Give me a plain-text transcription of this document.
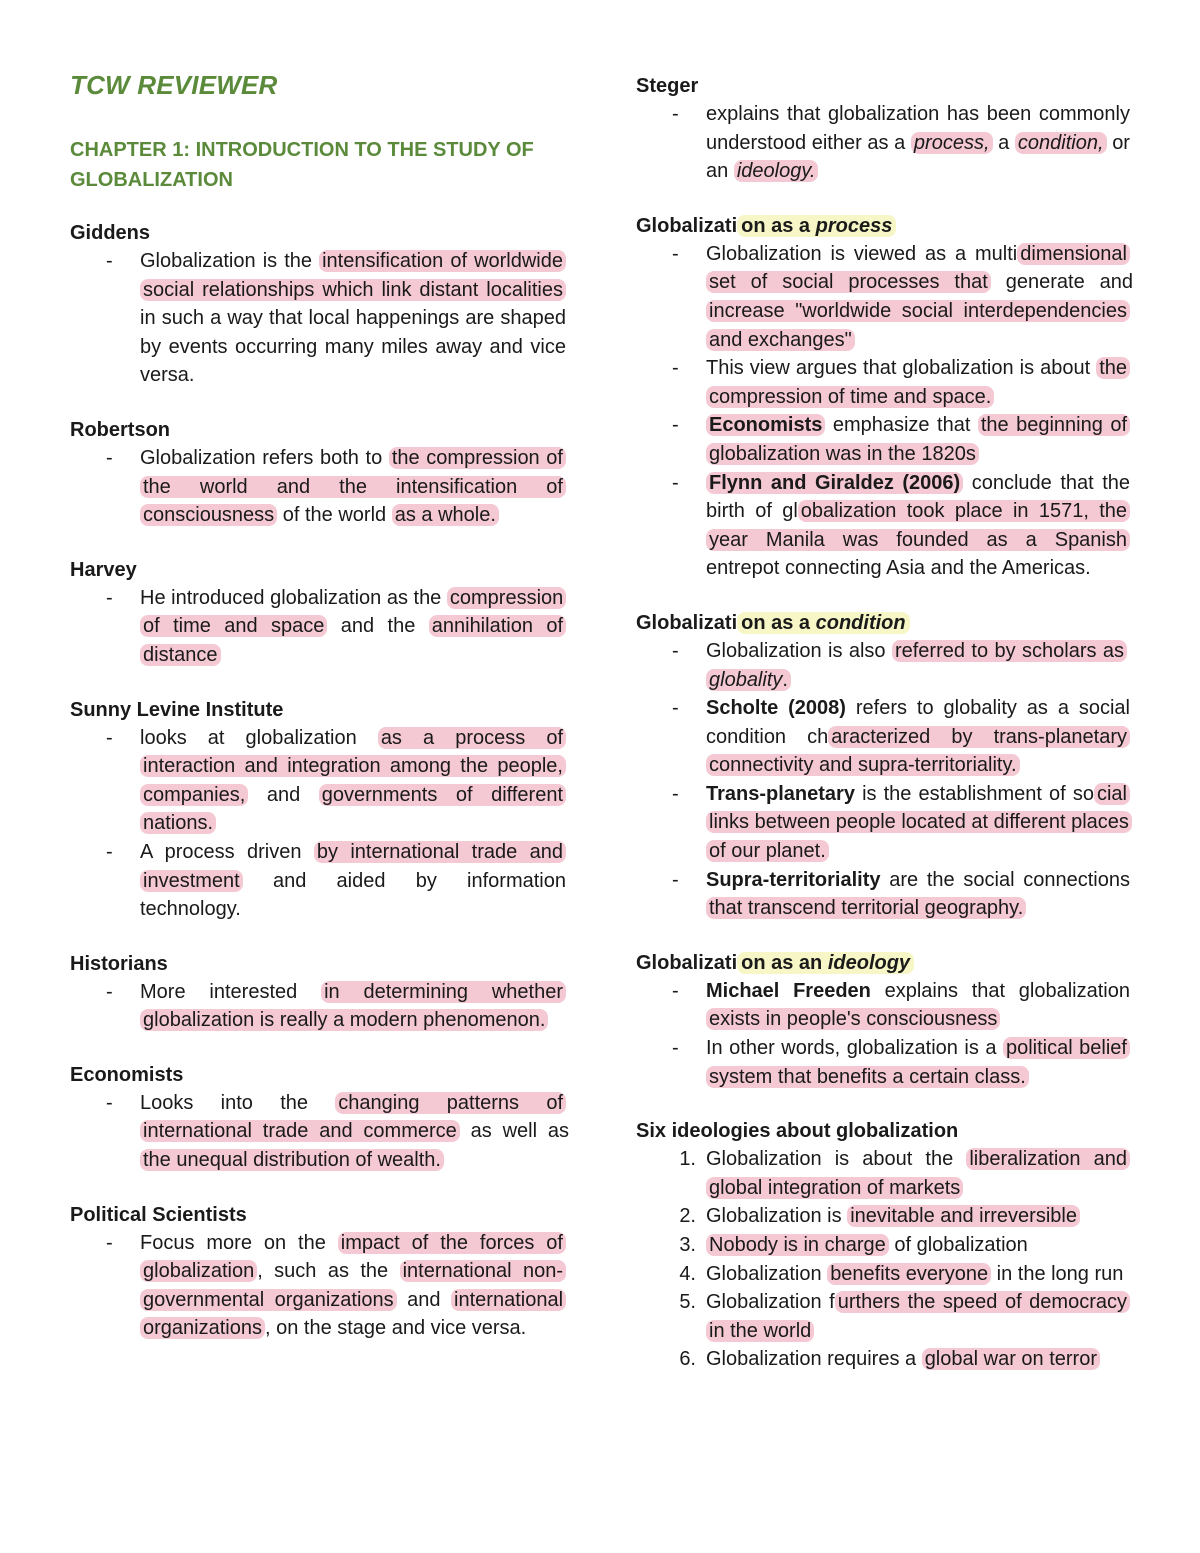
TCW REVIEWER
CHAPTER 1: INTRODUCTION TO THE STUDY OF GLOBALIZATION
Giddens
- Globalization is the intensification of worldwide social relationships which link distant localities in such a way that local happenings are shaped by events occurring many miles away and vice versa.
Robertson
- Globalization refers both to the compression of the world and the intensification of consciousness of the world as a whole.
Harvey
- He introduced globalization as the compression of time and space and the annihilation of distance
Sunny Levine Institute
- looks at globalization as a process of interaction and integration among the people, companies, and governments of different nations.
- A process driven by international trade and investment and aided by information technology.
Historians
- More interested in determining whether globalization is really a modern phenomenon.
Economists
- Looks into the changing patterns of international trade and commerce as well as the unequal distribution of wealth.
Political Scientists
- Focus more on the impact of the forces of globalization , such as the international non-governmental organizations and international organizations , on the stage and vice versa.
Steger
- explains that globalization has been commonly understood either as a process, a condition, or an ideology.
Globalizati on as a process
- Globalization is viewed as a multi dimensional set of social processes that generate and increase "worldwide social interdependencies and exchanges"
- This view argues that globalization is about the compression of time and space.
- Economists emphasize that the beginning of globalization was in the 1820s
- Flynn and Giraldez (2006) conclude that the birth of gl obalization took place in 1571, the year Manila was founded as a Spanish entrepot connecting Asia and the Americas.
Globalizati on as a condition
- Globalization is also referred to by scholars as globality.
- Scholte (2008) refers to globality as a social condition ch aracterized by trans-planetary connectivity and supra-territoriality.
- Trans-planetary is the establishment of so cial links between people located at different places of our planet.
- Supra-territoriality are the social connections that transcend territorial geography.
Globalizati on as an ideology
- Michael Freeden explains that globalization exists in people's consciousness
- In other words, globalization is a political belief system that benefits a certain class.
Six ideologies about globalization
1. Globalization is about the liberalization and global integration of markets
2. Globalization is inevitable and irreversible
3. Nobody is in charge of globalization
4. Globalization benefits everyone in the long run
5. Globalization f urthers the speed of democracy in the world
6. Globalization requires a global war on terror
